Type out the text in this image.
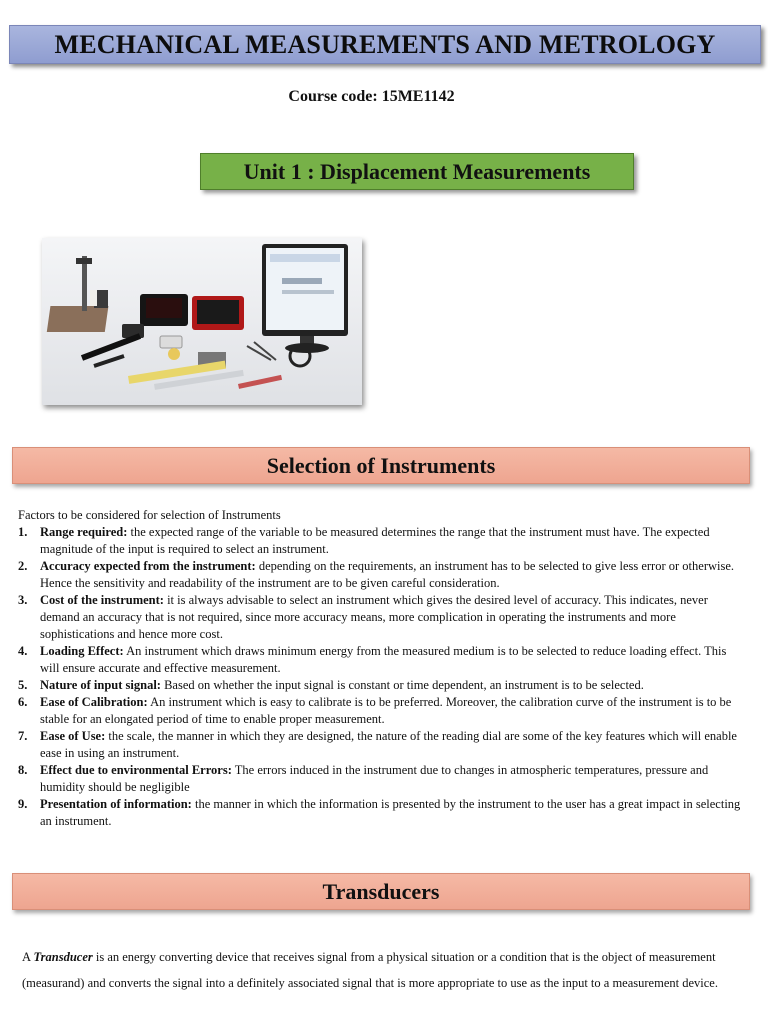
MECHANICAL MEASUREMENTS AND METROLOGY
Course code: 15ME1142
Unit 1 : Displacement Measurements
Selection of Instruments
Factors to be considered for selection of Instruments
1. Range required: the expected range of the variable to be measured determines the range that the instrument must have. The expected magnitude of the input is required to select an instrument.
2. Accuracy expected from the instrument: depending on the requirements, an instrument has to be selected to give less error or otherwise. Hence the sensitivity and readability of the instrument are to be given careful consideration.
3. Cost of the instrument: it is always advisable to select an instrument which gives the desired level of accuracy. This indicates, never demand an accuracy that is not required, since more accuracy means, more complication in operating the instruments and more sophistications and hence more cost.
4. Loading Effect: An instrument which draws minimum energy from the measured medium is to be selected to reduce loading effect. This will ensure accurate and effective measurement.
5. Nature of input signal: Based on whether the input signal is constant or time dependent, an instrument is to be selected.
6. Ease of Calibration: An instrument which is easy to calibrate is to be preferred. Moreover, the calibration curve of the instrument is to be stable for an elongated period of time to enable proper measurement.
7. Ease of Use: the scale, the manner in which they are designed, the nature of the reading dial are some of the key features which will enable ease in using an instrument.
8. Effect due to environmental Errors: The errors induced in the instrument due to changes in atmospheric temperatures, pressure and humidity should be negligible
9. Presentation of information: the manner in which the information is presented by the instrument to the user has a great impact in selecting an instrument.
Transducers

A Transducer is an energy converting device that receives signal from a physical situation or a condition that is the object of measurement (measurand) and converts the signal into a definitely associated signal that is more appropriate to use as the input to a measurement device.
